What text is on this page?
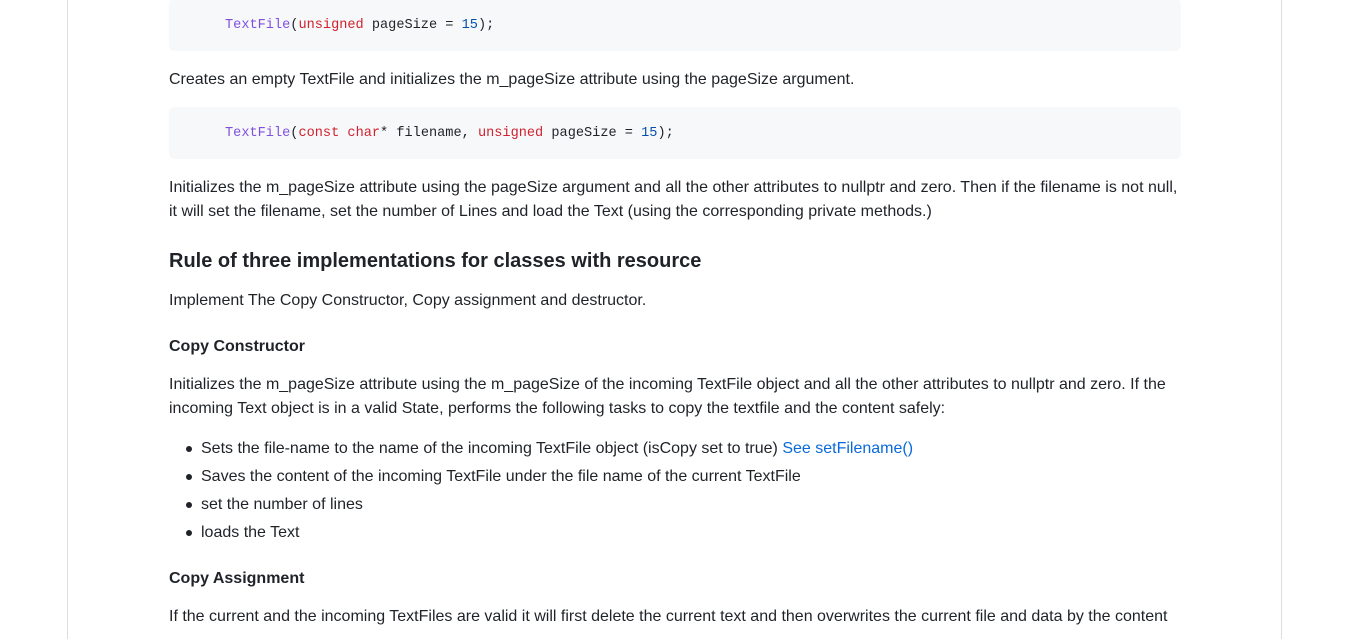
TextFile ( unsigned pageSize = 15 );

Creates an empty TextFile and initializes the m_pageSize attribute using the pageSize argument.

TextFile ( const
char * filename, unsigned pageSize = 15 );

Initializes the m_pageSize attribute using the pageSize argument and all the other attributes to nullptr and zero. Then if the filename is not null, it will set the filename, set the number of Lines and load the Text (using the corresponding private methods.)

Rule of three implementations for classes with resource

Implement The Copy Constructor, Copy assignment and destructor.

Copy Constructor

Initializes the m_pageSize attribute using the m_pageSize of the incoming TextFile object and all the other attributes to nullptr and zero. If the incoming Text object is in a valid State, performs the following tasks to copy the textfile and the content safely:

Sets the file-name to the name of the incoming TextFile object (isCopy set to true) See setFilename()
Saves the content of the incoming TextFile under the file name of the current TextFile
set the number of lines
loads the Text
Copy Assignment

If the current and the incoming TextFiles are valid it will first delete the current text and then overwrites the current file and data by the content
